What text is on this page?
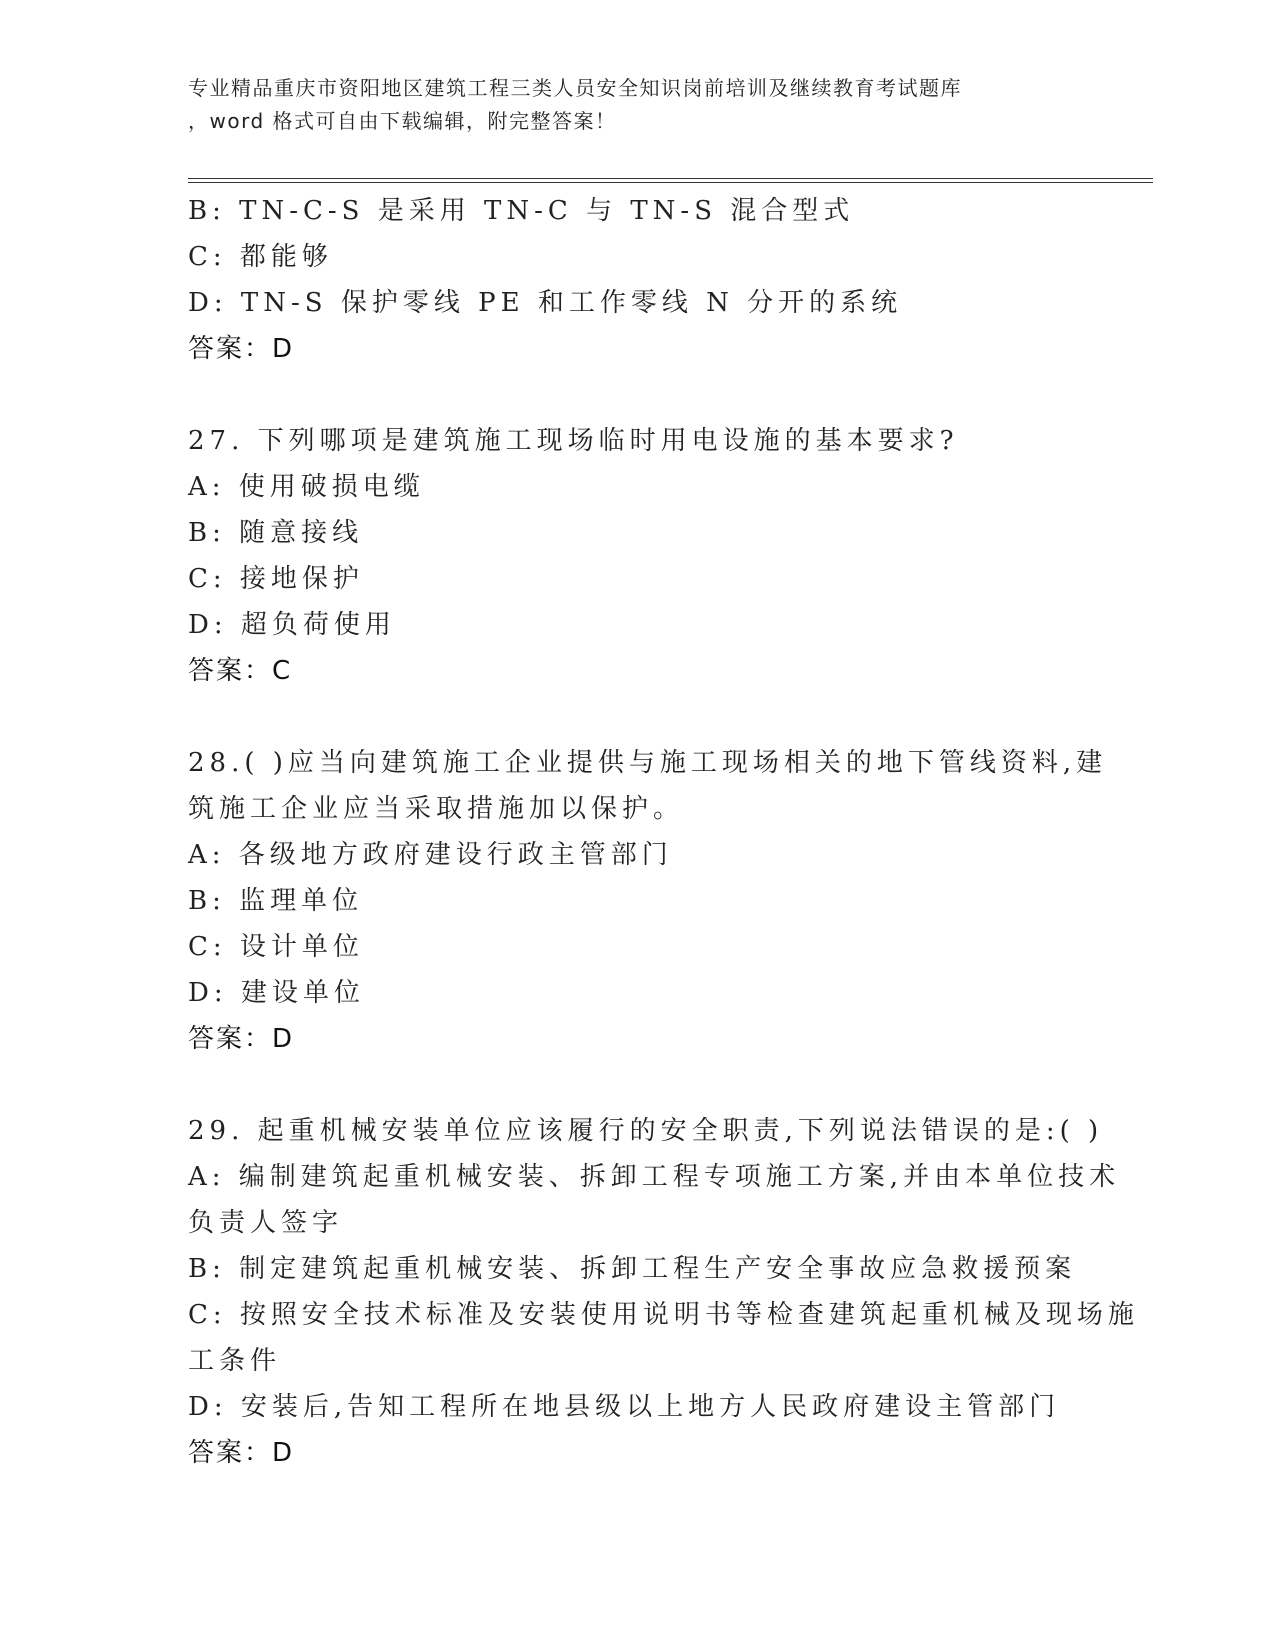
专业精品重庆市资阳地区建筑工程三类人员安全知识岗前培训及继续教育考试题库
，word 格式可自由下载编辑，附完整答案！
B: TN-C-S 是采用 TN-C 与 TN-S 混合型式
C: 都能够
D: TN-S 保护零线 PE 和工作零线 N 分开的系统
答案：D
27. 下列哪项是建筑施工现场临时用电设施的基本要求?
A: 使用破损电缆
B: 随意接线
C: 接地保护
D: 超负荷使用
答案：C
28.( )应当向建筑施工企业提供与施工现场相关的地下管线资料,建
筑施工企业应当采取措施加以保护。
A: 各级地方政府建设行政主管部门
B: 监理单位
C: 设计单位
D: 建设单位
答案：D
29. 起重机械安装单位应该履行的安全职责,下列说法错误的是:( )
A: 编制建筑起重机械安装、拆卸工程专项施工方案,并由本单位技术
负责人签字
B: 制定建筑起重机械安装、拆卸工程生产安全事故应急救援预案
C: 按照安全技术标准及安装使用说明书等检查建筑起重机械及现场施
工条件
D: 安装后,告知工程所在地县级以上地方人民政府建设主管部门
答案：D
